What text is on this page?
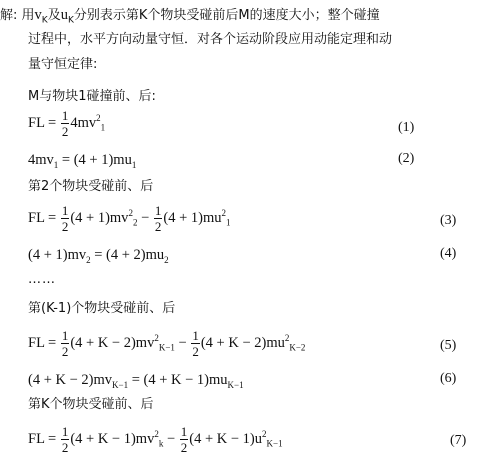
解: 用$v_K$及$u_K$分别表示第K个物块受碰前后M的速度大小；整个碰撞
过程中，水平方向动量守恒．对各个运动阶段应用动能定理和动
量守恒定律:
M与物块1碰撞前、后:
FL = $\frac{1}{2} 4mv^2_1$	(1)
$4mv_1 = (4 + 1)mu_1$	(2)
第2个物块受碰前、后
FL = $\frac{1}{2} (4 + 1)mv^2_2 - \frac{1}{2} (4 + 1)mu^2_1$	(3)
$(4 + 1)mv_2 = (4 + 2)mu_2$	(4)
……
第(K-1)个物块受碰前、后
FL = $\frac{1}{2} (4 + K - 2)mv^2_{K-1} - \frac{1}{2} (4 + K - 2)mu^2_{K-2}$	(5)
$(4 + K - 2)mv_{K-1} = (4 + K - 1)mu_{K-1}$	(6)
第K个物块受碰前、后
FL = $\frac{1}{2} (4 + K - 1)mv^2_k - \frac{1}{2} (4 + K - 1)u^2_{K-1}$	(7)
